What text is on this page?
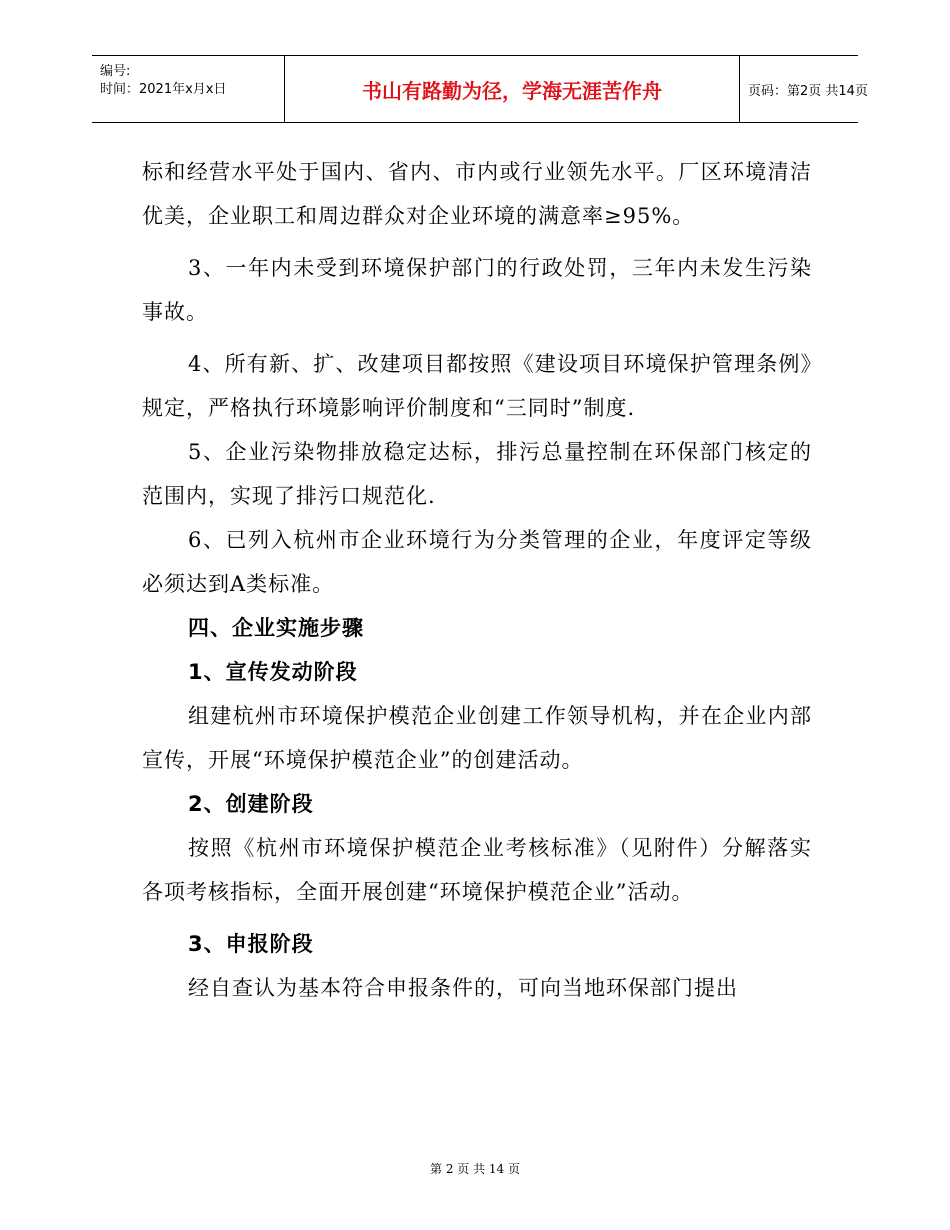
编号:
时间：2021年x月x日	书山有路勤为径，学海无涯苦作舟	页码：第2页 共14页

标和经营水平处于国内、省内、市内或行业领先水平。厂区环境清洁优美，企业职工和周边群众对企业环境的满意率≥95%。

3、一年内未受到环境保护部门的行政处罚，三年内未发生污染事故。

4、所有新、扩、改建项目都按照《建设项目环境保护管理条例》规定，严格执行环境影响评价制度和“三同时”制度.

5、企业污染物排放稳定达标，排污总量控制在环保部门核定的范围内，实现了排污口规范化.

6、已列入杭州市企业环境行为分类管理的企业，年度评定等级必须达到A类标准。

四、企业实施步骤

1、宣传发动阶段

组建杭州市环境保护模范企业创建工作领导机构，并在企业内部宣传，开展“环境保护模范企业”的创建活动。

2、创建阶段

按照《杭州市环境保护模范企业考核标准》（见附件）分解落实各项考核指标，全面开展创建“环境保护模范企业”活动。

3、申报阶段

经自查认为基本符合申报条件的，可向当地环保部门提出

第 2 页 共 14 页
